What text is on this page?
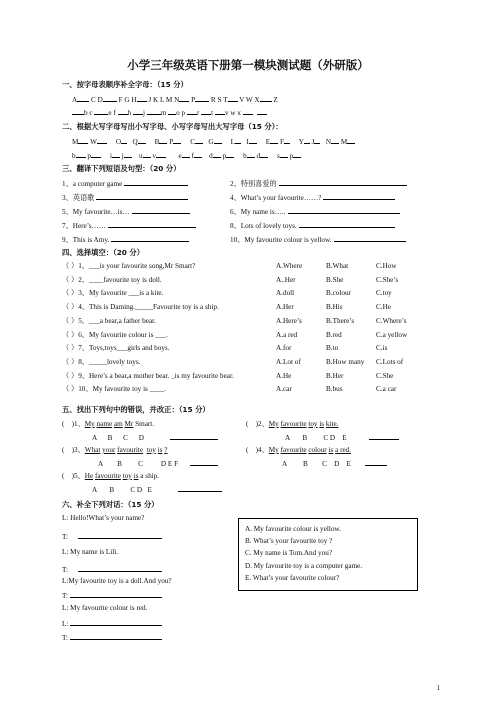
小学三年级英语下册第一模块测试题（外研版）
一、按字母表顺序补全字母：（15 分）
A C D F G H J K L M N P R S T V W X Z
b c e f h j m o p r t v w x
二、根据大写字母写出小写字母、小写字母写出大写字母（15 分）：
M W	O Q B P C G L I E F Y J N M
b p	i j u v	e f d p b d s p
三、翻译下列短语及句型：（20 分）
1、a computer game	2、特别喜爱的
3、英语歌	4、What’s your favourite……?
5、My favourite…is…	6、My name is…..
7、Here’s……	8、Lots of lovely toys.
9、This is Amy.	10、My favourite colour is yellow.
四、选择填空：（20 分）
（ ）1、___is your favourite song,Mr Smart?	A.Where	B.What	C.How
（ ）2、____favourite toy is doll.	A..Her	B.She	C.She’s
（ ）3、My favourite ___is a kite.	A.doll	B.colour	C.toy
（ ）4、This is Daming._____Favourite toy is a ship.	A.Her	B.His	C.He
（ ）5、___a bear,a father bear.	A.Here’s	B.There’s	C.Where’s
（ ）6、My favourite colour is ___.	A.a red	B.red	C.a yellow
（ ）7、Toys,toys___girls and boys.	A.for	B.to	C.is
（ ）8、_____lovely toys.	A.Lot of	B.How many C.Lots of
（ ）9、Here’s a bear,a mother bear. _is my favourite bear.	A.He	B.Her	C.She
（ ）10、My favourite toy is ____.	A.car	B.bus	C.a car
五、找出下列句中的错误，并改正：（15 分）
(    )1、My name am Mr Smart.
A      B      C      D
(    )2、My favourite toy is kite.
A       B         C D    E
(    )3、What your favourite toy is ?
A        B         C          D E F
(    )4、My favourite colour is a red.
A         B        C    D    E
(    )5、He favourite toy is a ship.
A       B         C D   E
六、补全下列对话：（15 分）
L: Hello!What’s your name?
T:
L: My name is Lili.
T:
L:My favourite toy is a doll.And you?
T:
L: My favourite colour is red.
L:
T:
A. My favourite colour is yellow.
B. What’s your favourite toy ?
C. My name is Tom.And you?
D. My favourite toy is a computer game.
E. What’s your favourite colour?
1
